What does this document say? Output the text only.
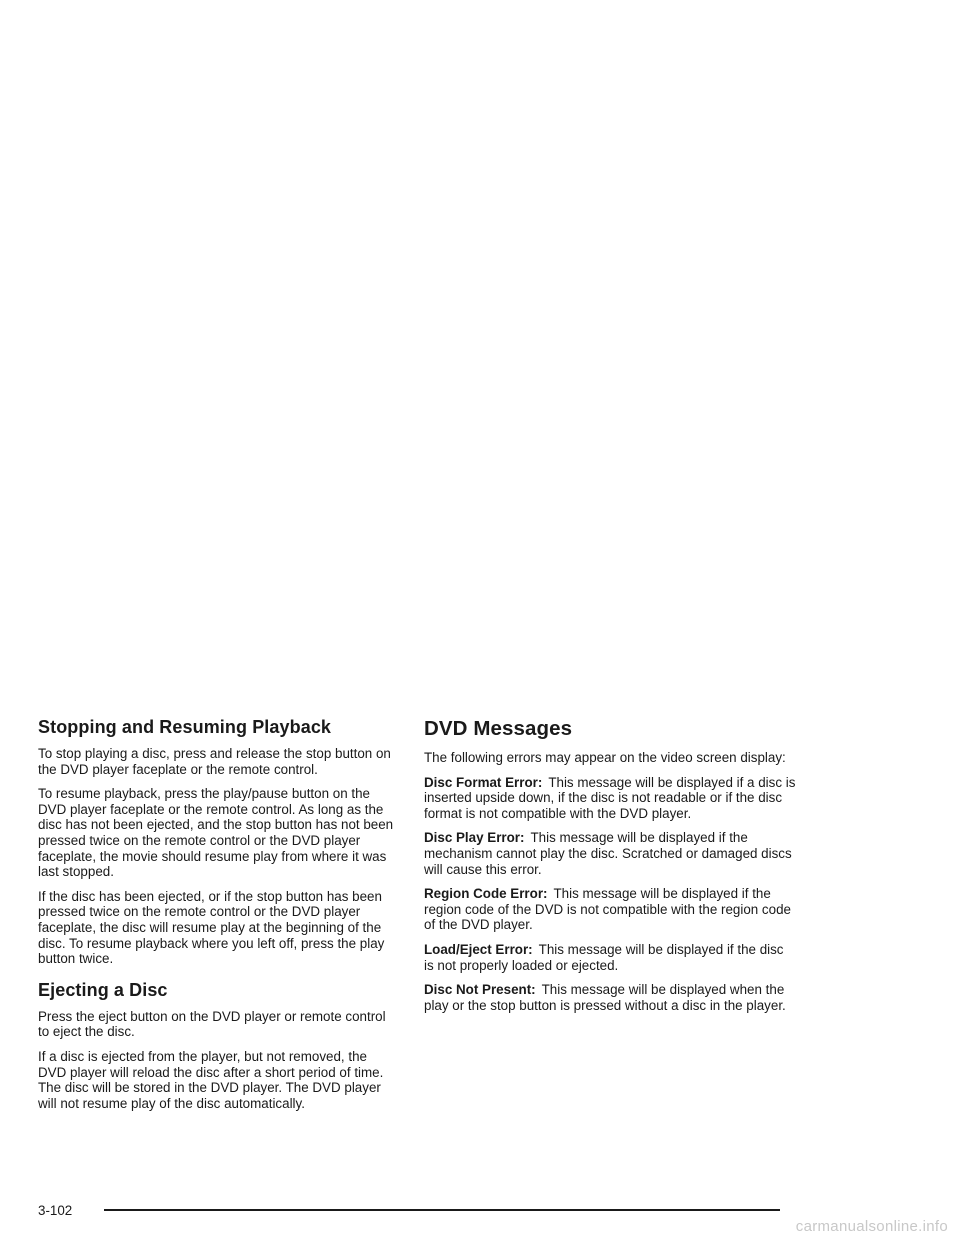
Stopping and Resuming Playback

To stop playing a disc, press and release the stop button on the DVD player faceplate or the remote control.

To resume playback, press the play/pause button on the DVD player faceplate or the remote control. As long as the disc has not been ejected, and the stop button has not been pressed twice on the remote control or the DVD player faceplate, the movie should resume play from where it was last stopped.

If the disc has been ejected, or if the stop button has been pressed twice on the remote control or the DVD player faceplate, the disc will resume play at the beginning of the disc. To resume playback where you left off, press the play button twice.

Ejecting a Disc

Press the eject button on the DVD player or remote control to eject the disc.

If a disc is ejected from the player, but not removed, the DVD player will reload the disc after a short period of time. The disc will be stored in the DVD player. The DVD player will not resume play of the disc automatically.

DVD Messages

The following errors may appear on the video screen display:

Disc Format Error: This message will be displayed if a disc is inserted upside down, if the disc is not readable or if the disc format is not compatible with the DVD player.

Disc Play Error: This message will be displayed if the mechanism cannot play the disc. Scratched or damaged discs will cause this error.

Region Code Error: This message will be displayed if the region code of the DVD is not compatible with the region code of the DVD player.

Load/Eject Error: This message will be displayed if the disc is not properly loaded or ejected.

Disc Not Present: This message will be displayed when the play or the stop button is pressed without a disc in the player.

3-102
carmanualsonline.info
